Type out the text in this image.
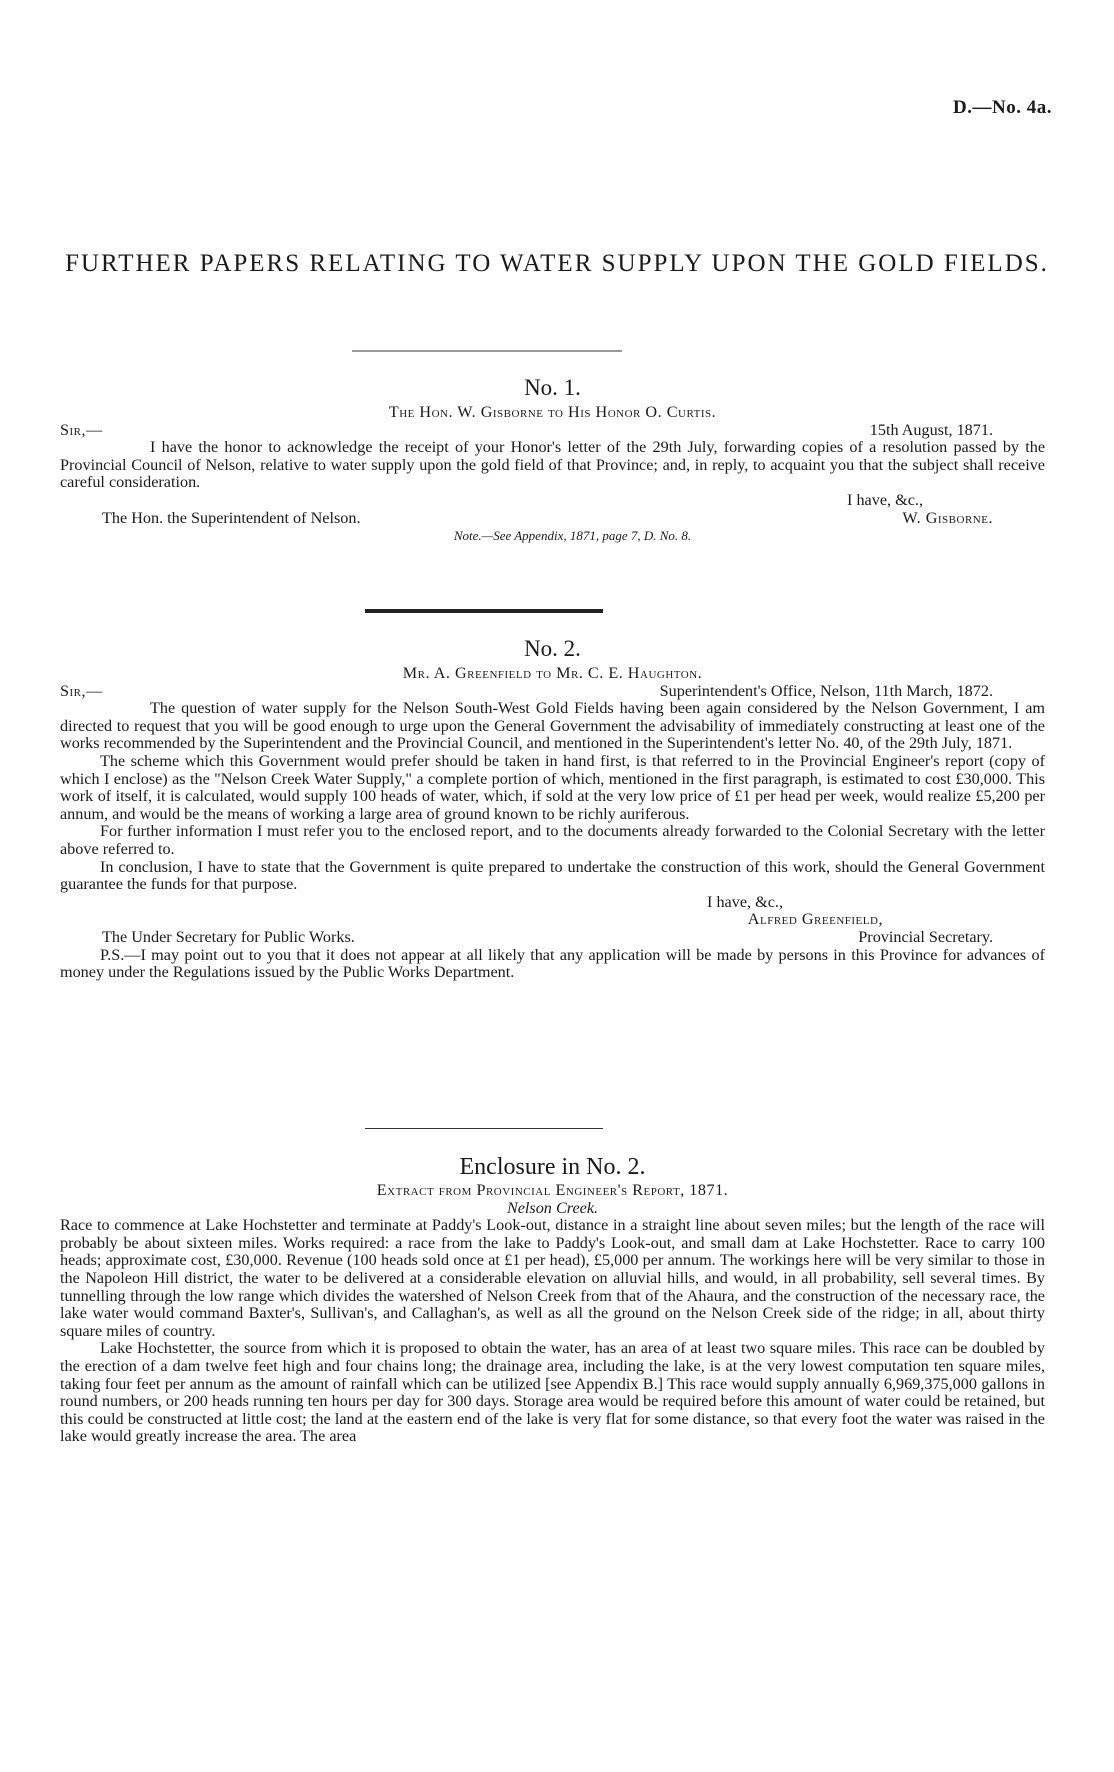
D.—No. 4a.
FURTHER PAPERS RELATING TO WATER SUPPLY UPON THE GOLD FIELDS.
No. 1.
The Hon. W. Gisborne to His Honor O. Curtis.
Sir,—	15th August, 1871.

I have the honor to acknowledge the receipt of your Honor's letter of the 29th July, forwarding copies of a resolution passed by the Provincial Council of Nelson, relative to water supply upon the gold field of that Province; and, in reply, to acquaint you that the subject shall receive careful consideration.

I have, &c.,
The Hon. the Superintendent of Nelson.	W. Gisborne.
Note.—See Appendix, 1871, page 7, D. No. 8.
No. 2.
Mr. A. Greenfield to Mr. C. E. Haughton.
Sir,—	Superintendent's Office, Nelson, 11th March, 1872.

The question of water supply for the Nelson South-West Gold Fields having been again considered by the Nelson Government, I am directed to request that you will be good enough to urge upon the General Government the advisability of immediately constructing at least one of the works recommended by the Superintendent and the Provincial Council, and mentioned in the Superintendent's letter No. 40, of the 29th July, 1871.

The scheme which this Government would prefer should be taken in hand first, is that referred to in the Provincial Engineer's report (copy of which I enclose) as the "Nelson Creek Water Supply," a complete portion of which, mentioned in the first paragraph, is estimated to cost £30,000. This work of itself, it is calculated, would supply 100 heads of water, which, if sold at the very low price of £1 per head per week, would realize £5,200 per annum, and would be the means of working a large area of ground known to be richly auriferous.

For further information I must refer you to the enclosed report, and to the documents already forwarded to the Colonial Secretary with the letter above referred to.

In conclusion, I have to state that the Government is quite prepared to undertake the construction of this work, should the General Government guarantee the funds for that purpose.

I have, &c.,
Alfred Greenfield,
The Under Secretary for Public Works.	Provincial Secretary.

P.S.—I may point out to you that it does not appear at all likely that any application will be made by persons in this Province for advances of money under the Regulations issued by the Public Works Department.

Enclosure in No. 2.
Extract from Provincial Engineer's Report, 1871.
Nelson Creek.

Race to commence at Lake Hochstetter and terminate at Paddy's Look-out, distance in a straight line about seven miles; but the length of the race will probably be about sixteen miles. Works required: a race from the lake to Paddy's Look-out, and small dam at Lake Hochstetter. Race to carry 100 heads; approximate cost, £30,000. Revenue (100 heads sold once at £1 per head), £5,000 per annum. The workings here will be very similar to those in the Napoleon Hill district, the water to be delivered at a considerable elevation on alluvial hills, and would, in all probability, sell several times. By tunnelling through the low range which divides the watershed of Nelson Creek from that of the Ahaura, and the construction of the necessary race, the lake water would command Baxter's, Sullivan's, and Callaghan's, as well as all the ground on the Nelson Creek side of the ridge; in all, about thirty square miles of country.

Lake Hochstetter, the source from which it is proposed to obtain the water, has an area of at least two square miles. This race can be doubled by the erection of a dam twelve feet high and four chains long; the drainage area, including the lake, is at the very lowest computation ten square miles, taking four feet per annum as the amount of rainfall which can be utilized [see Appendix B.] This race would supply annually 6,969,375,000 gallons in round numbers, or 200 heads running ten hours per day for 300 days. Storage area would be required before this amount of water could be retained, but this could be constructed at little cost; the land at the eastern end of the lake is very flat for some distance, so that every foot the water was raised in the lake would greatly increase the area. The area
